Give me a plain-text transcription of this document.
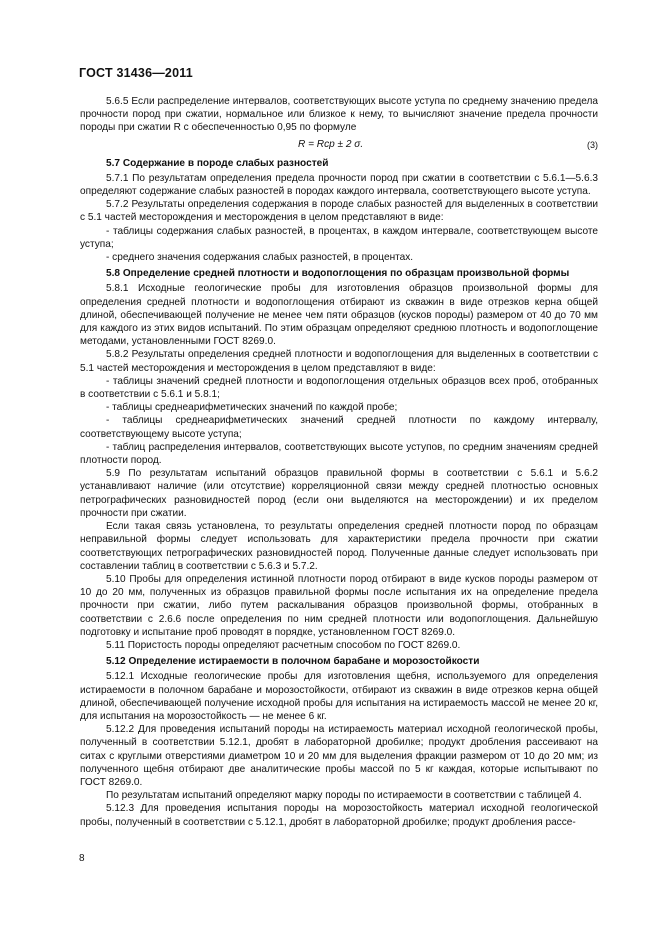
ГОСТ 31436—2011

5.6.5 Если распределение интервалов, соответствующих высоте уступа по среднему значению предела прочности пород при сжатии, нормальное или близкое к нему, то вычисляют значение предела прочности породы при сжатии R с обеспеченностью 0,95 по формуле

R = Rср ± 2 σ.	(3)
5.7 Содержание в породе слабых разностей

5.7.1 По результатам определения предела прочности пород при сжатии в соответствии с 5.6.1—5.6.3 определяют содержание слабых разностей в породах каждого интервала, соответствующего высоте уступа.

5.7.2 Результаты определения содержания в породе слабых разностей для выделенных в соответствии с 5.1 частей месторождения и месторождения в целом представляют в виде:

- таблицы содержания слабых разностей, в процентах, в каждом интервале, соответствующем высоте уступа;

- среднего значения содержания слабых разностей, в процентах.

5.8 Определение средней плотности и водопоглощения по образцам произвольной формы

5.8.1 Исходные геологические пробы для изготовления образцов произвольной формы для определения средней плотности и водопоглощения отбирают из скважин в виде отрезков керна общей длиной, обеспечивающей получение не менее чем пяти образцов (кусков породы) размером от 40 до 70 мм для каждого из этих видов испытаний. По этим образцам определяют среднюю плотность и водопоглощение методами, установленными ГОСТ 8269.0.

5.8.2 Результаты определения средней плотности и водопоглощения для выделенных в соответствии с 5.1 частей месторождения и месторождения в целом представляют в виде:

- таблицы значений средней плотности и водопоглощения отдельных образцов всех проб, отобранных в соответствии с 5.6.1 и 5.8.1;

- таблицы среднеарифметических значений по каждой пробе;

- таблицы среднеарифметических значений средней плотности по каждому интервалу, соответствующему высоте уступа;

- таблиц распределения интервалов, соответствующих высоте уступов, по средним значениям средней плотности пород.

5.9 По результатам испытаний образцов правильной формы в соответствии с 5.6.1 и 5.6.2 устанавливают наличие (или отсутствие) корреляционной связи между средней плотностью основных петрографических разновидностей пород (если они выделяются на месторождении) и их пределом прочности при сжатии.

Если такая связь установлена, то результаты определения средней плотности пород по образцам неправильной формы следует использовать для характеристики предела прочности при сжатии соответствующих петрографических разновидностей пород. Полученные данные следует использовать при составлении таблиц в соответствии с 5.6.3 и 5.7.2.

5.10 Пробы для определения истинной плотности пород отбирают в виде кусков породы размером от 10 до 20 мм, полученных из образцов правильной формы после испытания их на определение предела прочности при сжатии, либо путем раскалывания образцов произвольной формы, отобранных в соответствии с 2.6.6 после определения по ним средней плотности или водопоглощения. Дальнейшую подготовку и испытание проб проводят в порядке, установленном ГОСТ 8269.0.

5.11 Пористость породы определяют расчетным способом по ГОСТ 8269.0.

5.12 Определение истираемости в полочном барабане и морозостойкости

5.12.1 Исходные геологические пробы для изготовления щебня, используемого для определения истираемости в полочном барабане и морозостойкости, отбирают из скважин в виде отрезков керна общей длиной, обеспечивающей получение исходной пробы для испытания на истираемость массой не менее 20 кг, для испытания на морозостойкость — не менее 6 кг.

5.12.2 Для проведения испытаний породы на истираемость материал исходной геологической пробы, полученный в соответствии 5.12.1, дробят в лабораторной дробилке; продукт дробления рассеивают на ситах с круглыми отверстиями диаметром 10 и 20 мм для выделения фракции размером от 10 до 20 мм; из полученного щебня отбирают две аналитические пробы массой по 5 кг каждая, которые испытывают по ГОСТ 8269.0.

По результатам испытаний определяют марку породы по истираемости в соответствии с таблицей 4.

5.12.3 Для проведения испытания породы на морозостойкость материал исходной геологической пробы, полученный в соответствии с 5.12.1, дробят в лабораторной дробилке; продукт дробления рассе-

8
